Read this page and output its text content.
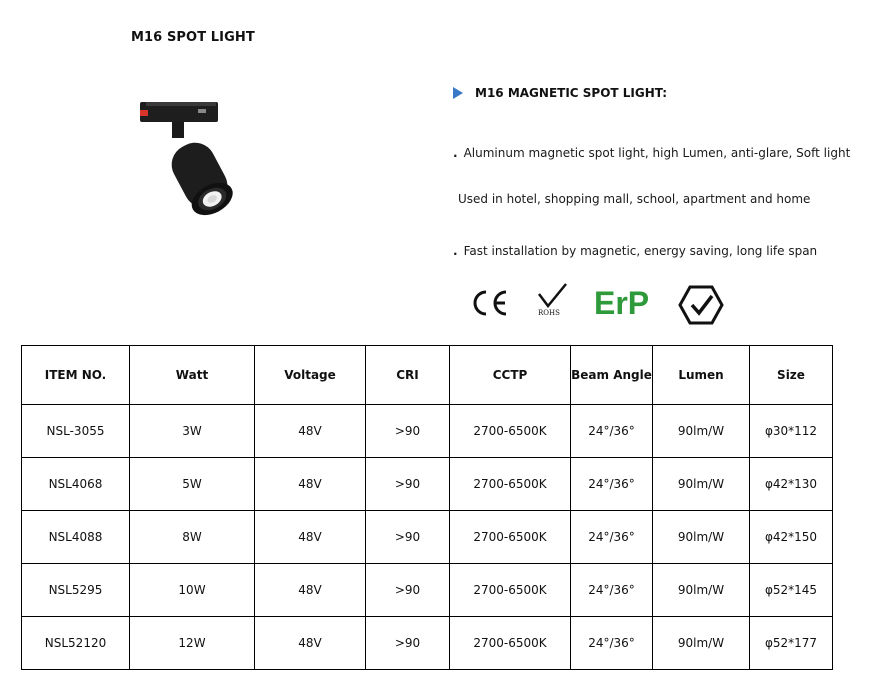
M16 SPOT LIGHT
M16 MAGNETIC SPOT LIGHT:
. Aluminum magnetic spot light, high Lumen, anti-glare, Soft light
Used in hotel, shopping mall, school, apartment and home
. Fast installation by magnetic, energy saving, long life span
ROHS ErP
ITEM NO.	Watt	Voltage	CRI	CCTP	Beam Angle	Lumen	Size
NSL-3055	3W	48V	>90	2700-6500K	24°/36°	90lm/W	φ30*112
NSL4068	5W	48V	>90	2700-6500K	24°/36°	90lm/W	φ42*130
NSL4088	8W	48V	>90	2700-6500K	24°/36°	90lm/W	φ42*150
NSL5295	10W	48V	>90	2700-6500K	24°/36°	90lm/W	φ52*145
NSL52120	12W	48V	>90	2700-6500K	24°/36°	90lm/W	φ52*177
